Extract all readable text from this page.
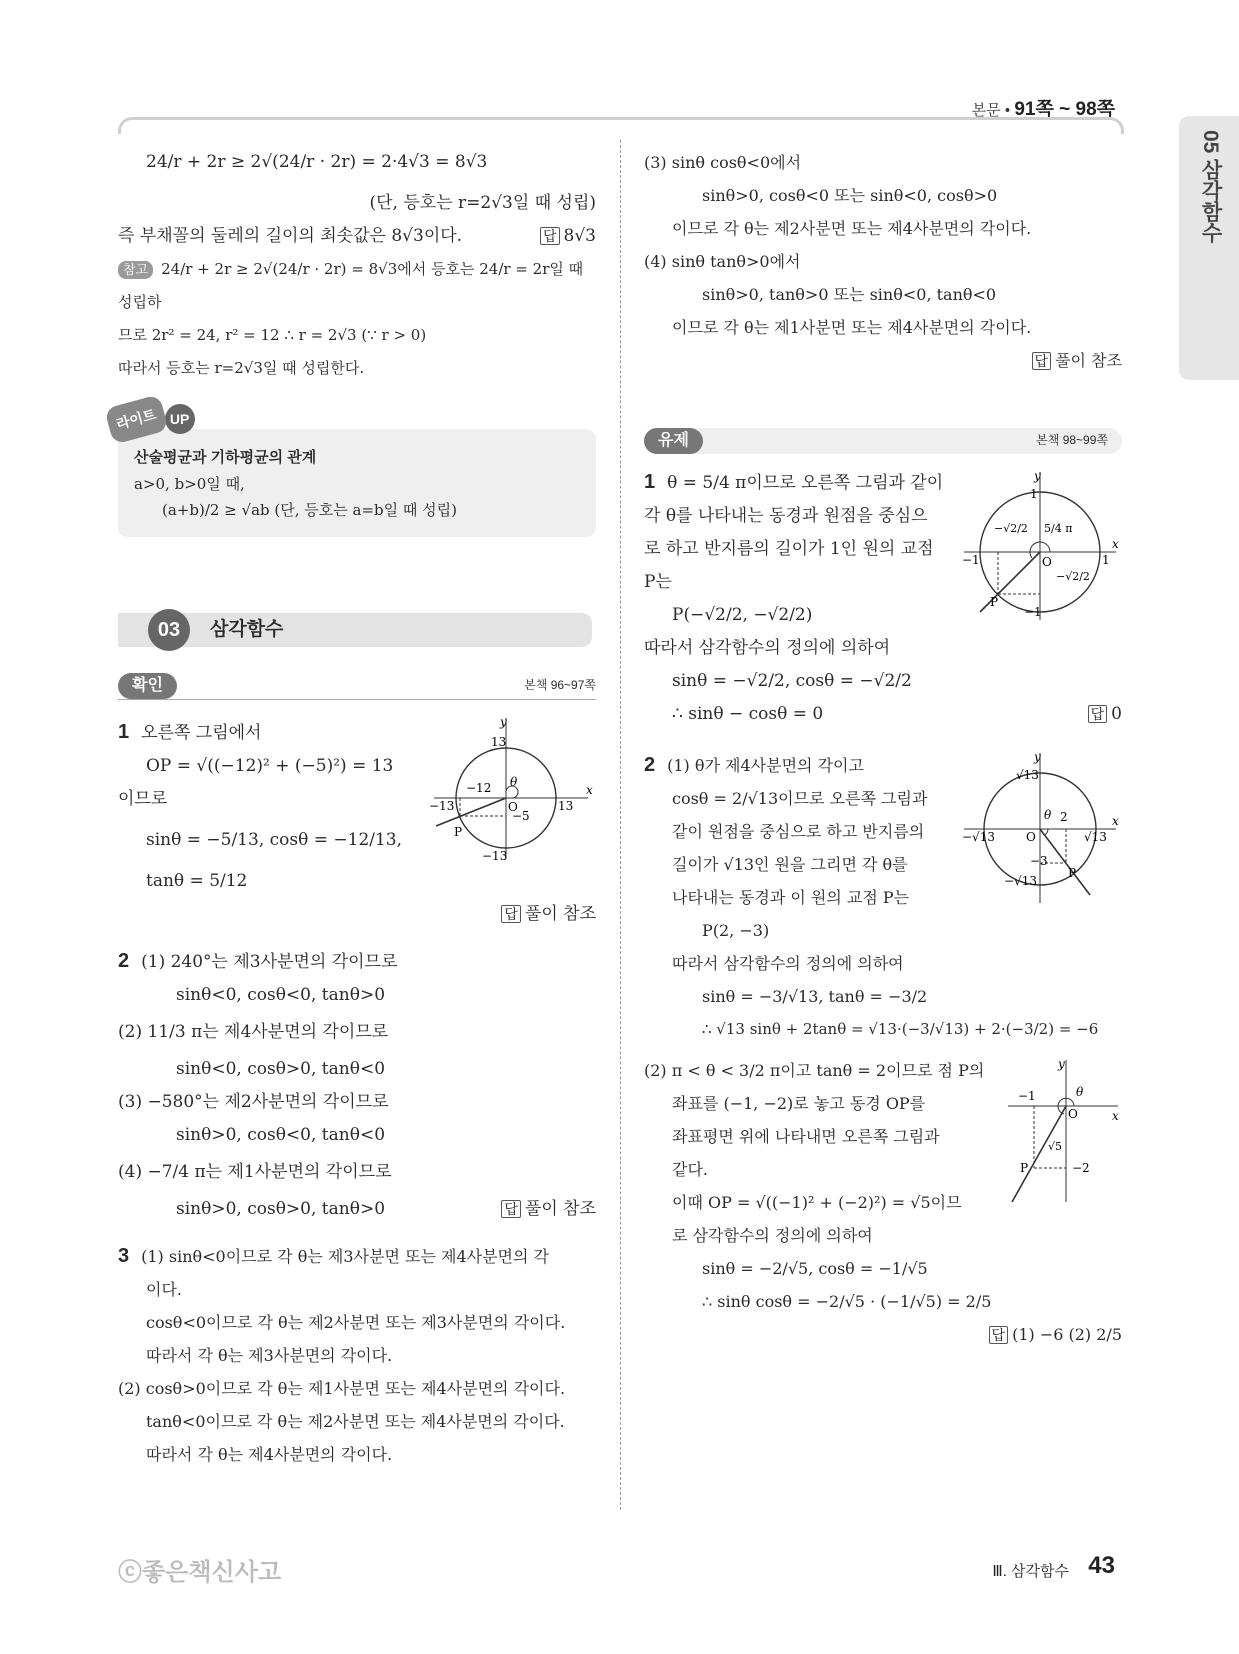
본문 • 91쪽 ~ 98쪽
05 삼각함수

24/r + 2r ≥ 2√(24/r · 2r) = 2·4√3 = 8√3

(단, 등호는 r=2√3일 때 성립)

즉 부채꼴의 둘레의 길이의 최솟값은 8√3이다.	답 8√3

참고 24/r + 2r ≥ 2√(24/r · 2r) = 8√3에서 등호는 24/r = 2r일 때 성립하

므로 2r² = 24, r² = 12 ∴ r = 2√3 (∵ r > 0)

따라서 등호는 r=2√3일 때 성립한다.

라이트 UP

산술평균과 기하평균의 관계

a>0, b>0일 때,

(a+b)/2 ≥ √ab (단, 등호는 a=b일 때 성립)

03	삼각함수
확인	본책 96~97쪽
y
x
13
13
−13
−13
−12
−5
O
P
θ

1 오른쪽 그림에서

OP = √((−12)² + (−5)²) = 13

이므로

sinθ = −5/13, cosθ = −12/13,

tanθ = 5/12

답 풀이 참조

2 (1) 240°는 제3사분면의 각이므로

sinθ<0, cosθ<0, tanθ>0

(2) 11/3 π는 제4사분면의 각이므로

sinθ<0, cosθ>0, tanθ<0

(3) −580°는 제2사분면의 각이므로

sinθ>0, cosθ<0, tanθ<0

(4) −7/4 π는 제1사분면의 각이므로

sinθ>0, cosθ>0, tanθ>0	답 풀이 참조

3 (1) sinθ<0이므로 각 θ는 제3사분면 또는 제4사분면의 각

이다.

cosθ<0이므로 각 θ는 제2사분면 또는 제3사분면의 각이다.

따라서 각 θ는 제3사분면의 각이다.

(2) cosθ>0이므로 각 θ는 제1사분면 또는 제4사분면의 각이다.

tanθ<0이므로 각 θ는 제2사분면 또는 제4사분면의 각이다.

따라서 각 θ는 제4사분면의 각이다.

(3) sinθ cosθ<0에서

sinθ>0, cosθ<0 또는 sinθ<0, cosθ>0

이므로 각 θ는 제2사분면 또는 제4사분면의 각이다.

(4) sinθ tanθ>0에서

sinθ>0, tanθ>0 또는 sinθ<0, tanθ<0

이므로 각 θ는 제1사분면 또는 제4사분면의 각이다.

답 풀이 참조

유제	본책 98~99쪽
y
x
1
1
−1
−1
5/4 π
−√2/2
−√2/2
O
P

1 θ = 5/4 π이므로 오른쪽 그림과 같이

각 θ를 나타내는 동경과 원점을 중심으

로 하고 반지름의 길이가 1인 원의 교점

P는

P(−√2/2, −√2/2)

따라서 삼각함수의 정의에 의하여

sinθ = −√2/2, cosθ = −√2/2

∴ sinθ − cosθ = 0	답 0

y
x
√13
√13
−√13
−√13
2
−3
O
P
θ

2 (1) θ가 제4사분면의 각이고

cosθ = 2/√13이므로 오른쪽 그림과

같이 원점을 중심으로 하고 반지름의

길이가 √13인 원을 그리면 각 θ를

나타내는 동경과 이 원의 교점 P는

P(2, −3)

따라서 삼각함수의 정의에 의하여

sinθ = −3/√13, tanθ = −3/2

∴ √13 sinθ + 2tanθ = √13·(−3/√13) + 2·(−3/2) = −6

y
x
−1
−2
√5
O
P
θ

(2) π < θ < 3/2 π이고 tanθ = 2이므로 점 P의

좌표를 (−1, −2)로 놓고 동경 OP를

좌표평면 위에 나타내면 오른쪽 그림과

같다.

이때 OP = √((−1)² + (−2)²) = √5이므

로 삼각함수의 정의에 의하여

sinθ = −2/√5, cosθ = −1/√5

∴ sinθ cosθ = −2/√5 · (−1/√5) = 2/5

답 (1) −6 (2) 2/5

ⓒ좋은책신사고	Ⅲ. 삼각함수 43
